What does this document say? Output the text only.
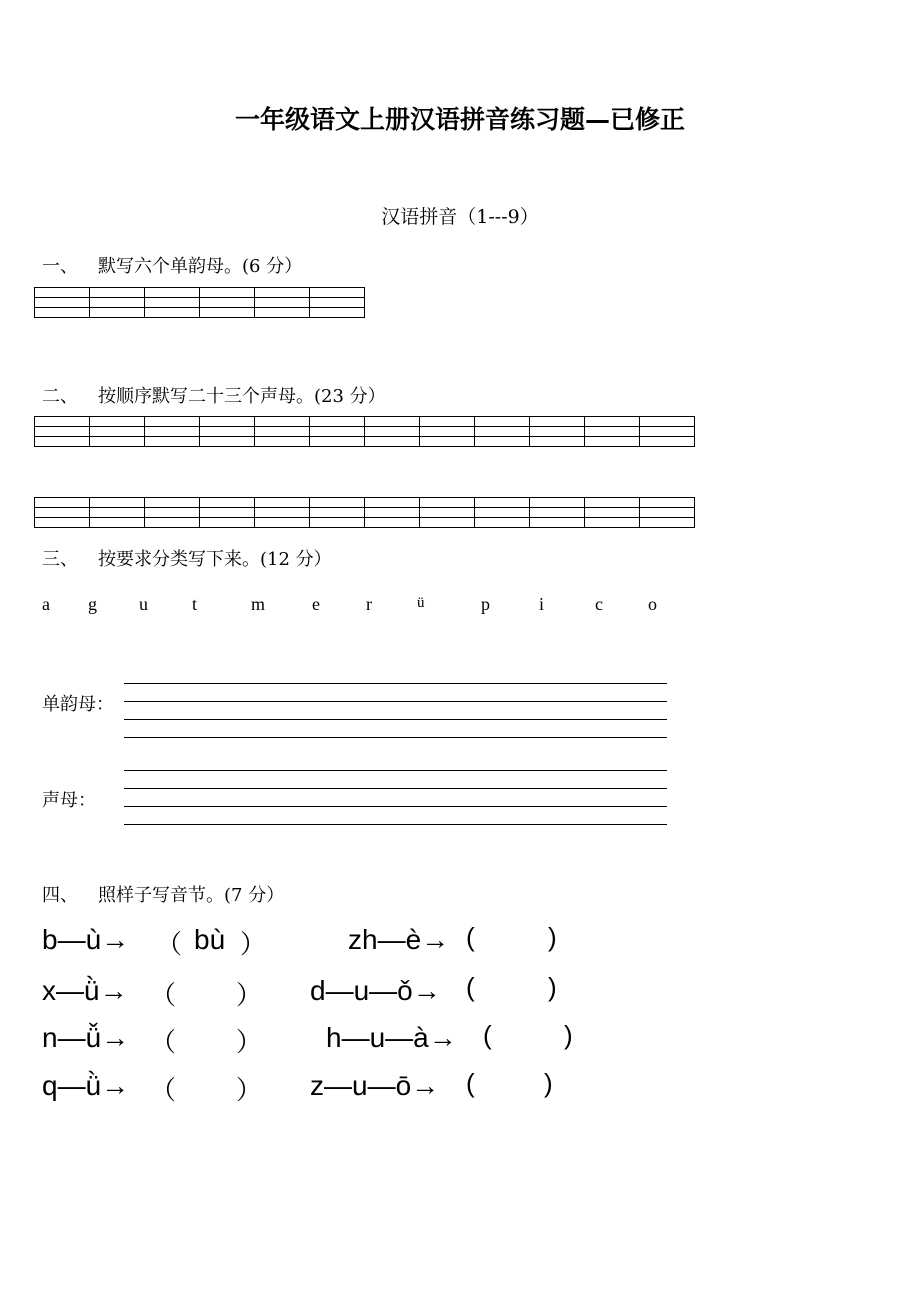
一年级语文上册汉语拼音练习题—已修正
汉语拼音（1---9）
一、 默写六个单韵母。(6 分）

二、 按顺序默写二十三个声母。(23 分）

三、 按要求分类写下来。(12 分）
a g u t	m	e	r	ü	p	i	c	o
单韵母：
声母：
四、 照样子写音节。(7 分）
b—ù→ （ bù ）
x—ǜ→ （ ）
n—ǚ→ （ ）
q—ǜ→ （ ）
zh—è→ (	)
d—u—ǒ→ (	)
h—u—à→ (	)
z—u—ō→ (	)
